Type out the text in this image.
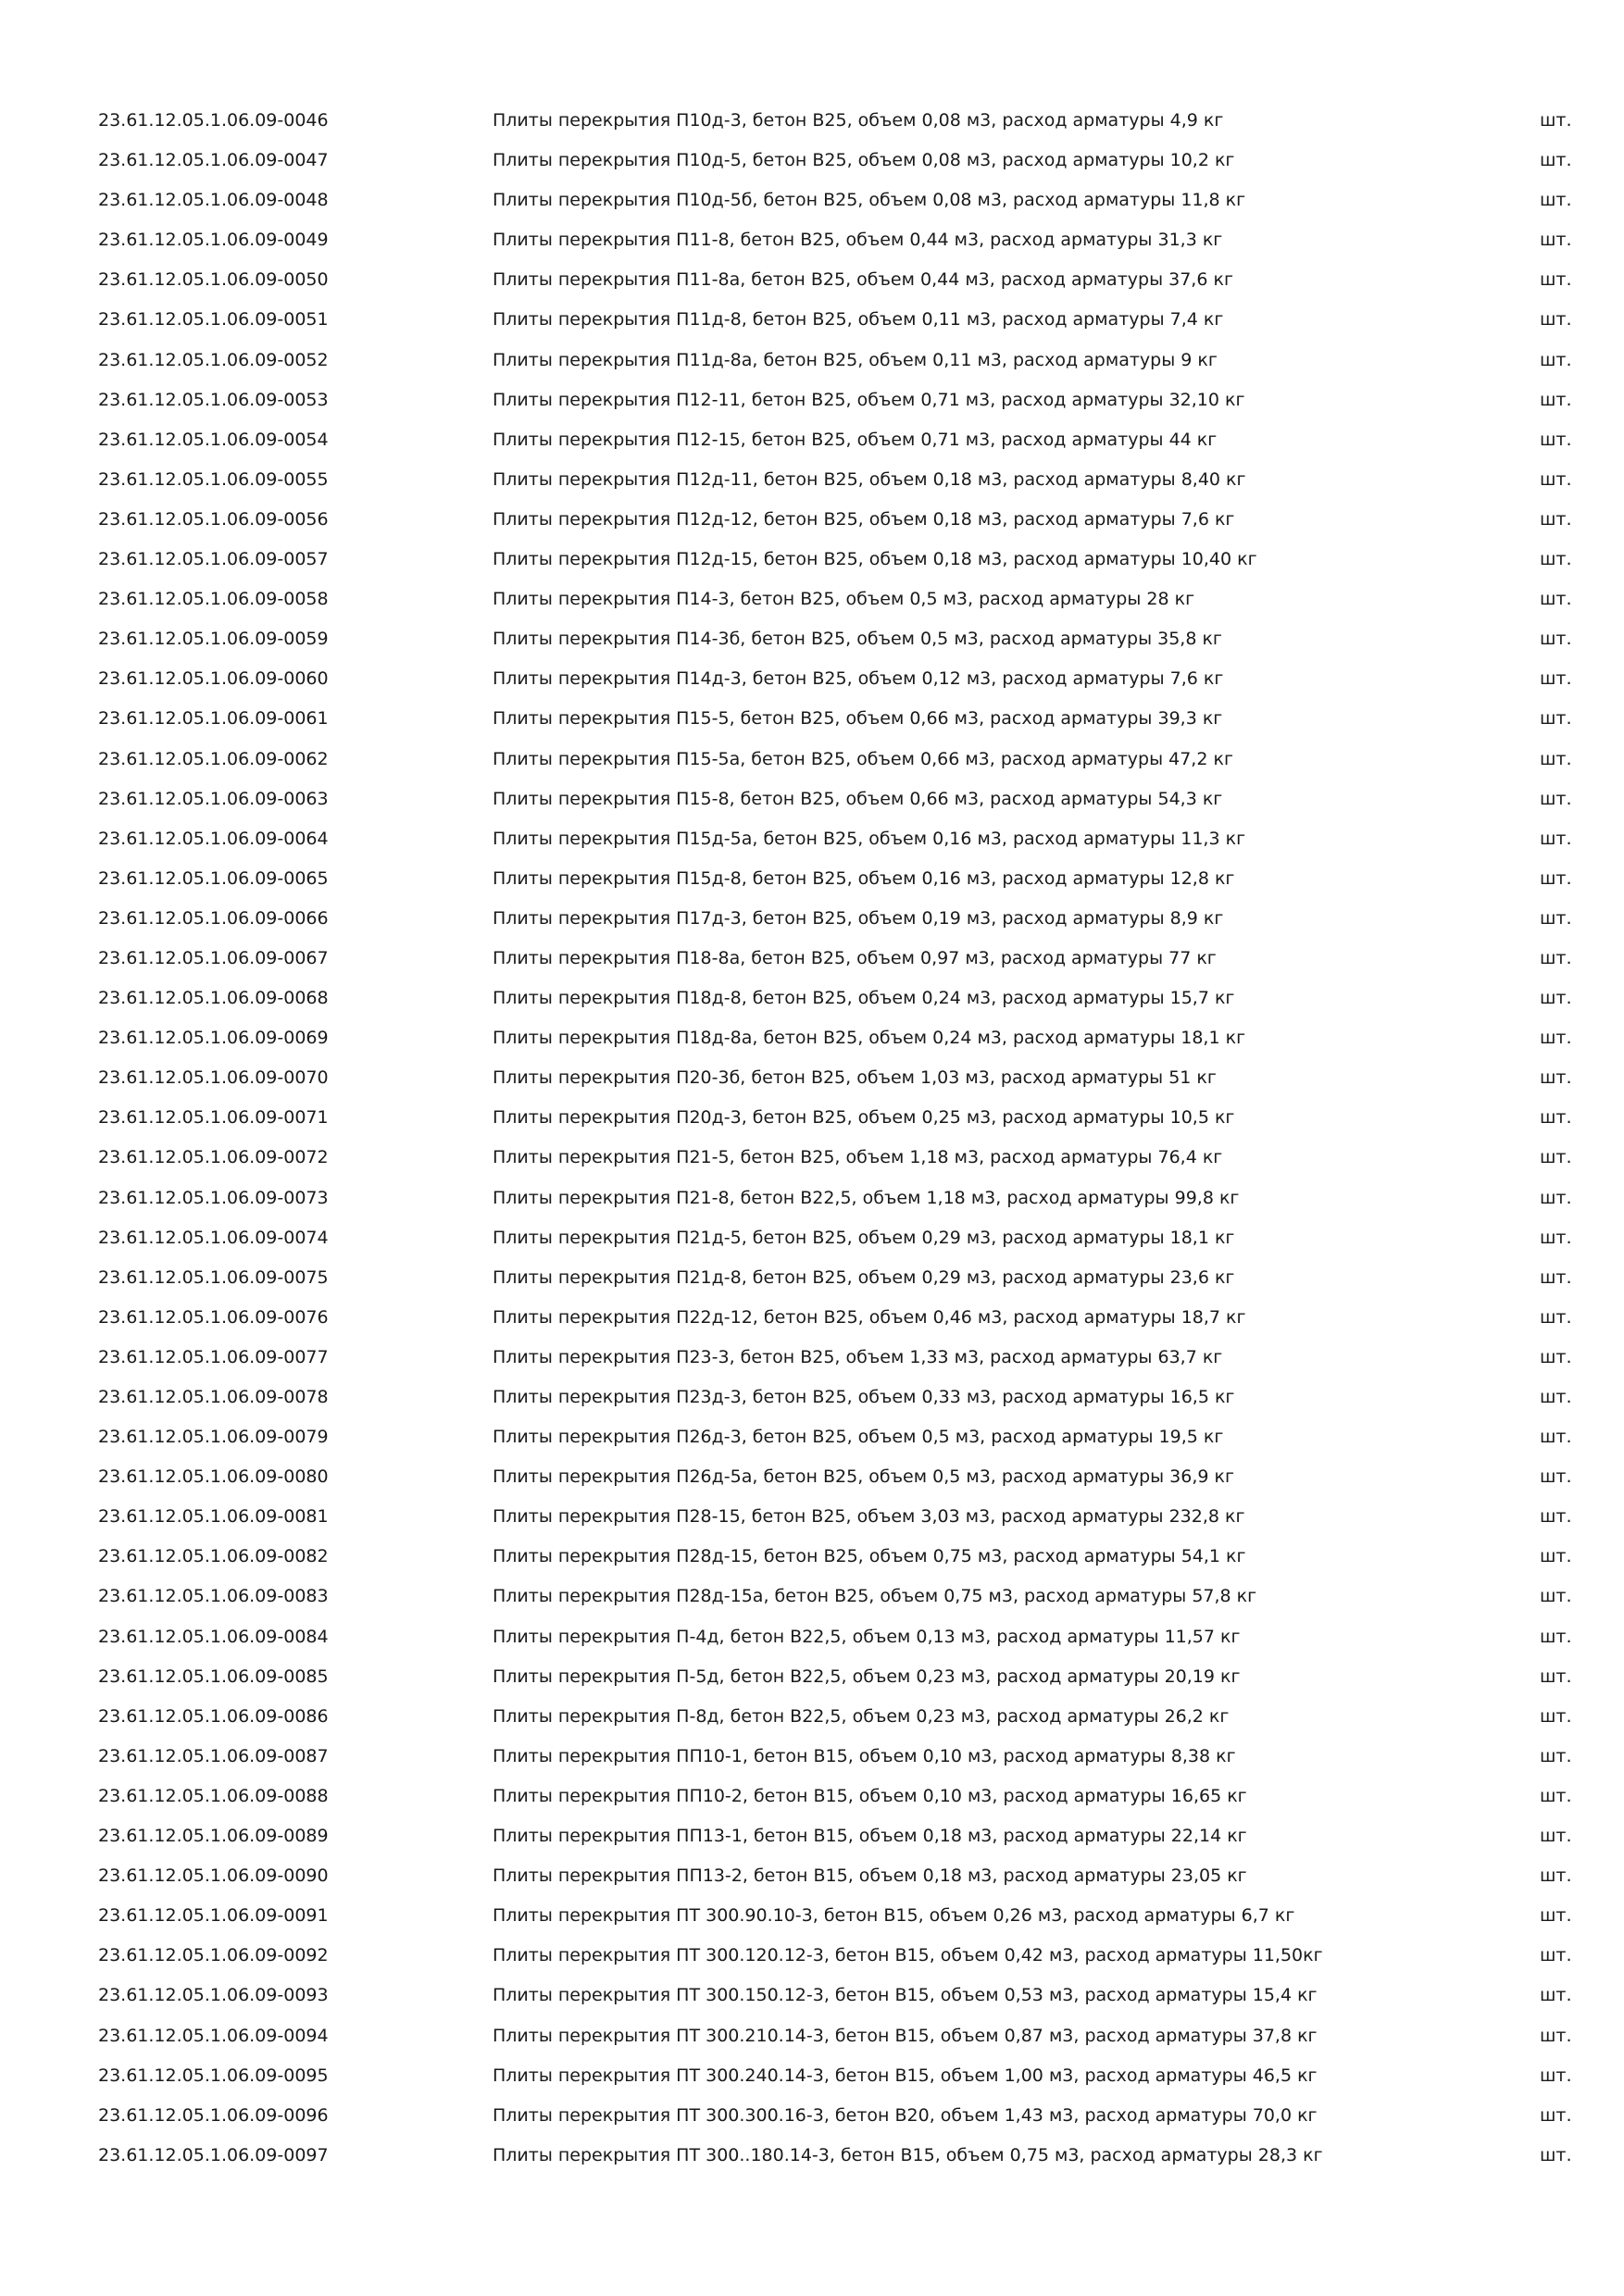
23.61.12.05.1.06.09-0046	Плиты перекрытия П10д-3, бетон В25, объем 0,08 м3, расход арматуры 4,9 кг	шт.
23.61.12.05.1.06.09-0047	Плиты перекрытия П10д-5, бетон В25, объем 0,08 м3, расход арматуры 10,2 кг	шт.
23.61.12.05.1.06.09-0048	Плиты перекрытия П10д-5б, бетон В25, объем 0,08 м3, расход арматуры 11,8 кг	шт.
23.61.12.05.1.06.09-0049	Плиты перекрытия П11-8, бетон В25, объем 0,44 м3, расход арматуры 31,3 кг	шт.
23.61.12.05.1.06.09-0050	Плиты перекрытия П11-8а, бетон В25, объем 0,44 м3, расход арматуры 37,6 кг	шт.
23.61.12.05.1.06.09-0051	Плиты перекрытия П11д-8, бетон В25, объем 0,11 м3, расход арматуры 7,4 кг	шт.
23.61.12.05.1.06.09-0052	Плиты перекрытия П11д-8а, бетон В25, объем 0,11 м3, расход арматуры 9 кг	шт.
23.61.12.05.1.06.09-0053	Плиты перекрытия П12-11, бетон В25, объем 0,71 м3, расход арматуры 32,10 кг	шт.
23.61.12.05.1.06.09-0054	Плиты перекрытия П12-15, бетон В25, объем 0,71 м3, расход арматуры 44 кг	шт.
23.61.12.05.1.06.09-0055	Плиты перекрытия П12д-11, бетон В25, объем 0,18 м3, расход арматуры 8,40 кг	шт.
23.61.12.05.1.06.09-0056	Плиты перекрытия П12д-12, бетон В25, объем 0,18 м3, расход арматуры 7,6 кг	шт.
23.61.12.05.1.06.09-0057	Плиты перекрытия П12д-15, бетон В25, объем 0,18 м3, расход арматуры 10,40 кг	шт.
23.61.12.05.1.06.09-0058	Плиты перекрытия П14-3, бетон В25, объем 0,5 м3, расход арматуры 28 кг	шт.
23.61.12.05.1.06.09-0059	Плиты перекрытия П14-3б, бетон В25, объем 0,5 м3, расход арматуры 35,8 кг	шт.
23.61.12.05.1.06.09-0060	Плиты перекрытия П14д-3, бетон В25, объем 0,12 м3, расход арматуры 7,6 кг	шт.
23.61.12.05.1.06.09-0061	Плиты перекрытия П15-5, бетон В25, объем 0,66 м3, расход арматуры 39,3 кг	шт.
23.61.12.05.1.06.09-0062	Плиты перекрытия П15-5а, бетон В25, объем 0,66 м3, расход арматуры 47,2 кг	шт.
23.61.12.05.1.06.09-0063	Плиты перекрытия П15-8, бетон В25, объем 0,66 м3, расход арматуры 54,3 кг	шт.
23.61.12.05.1.06.09-0064	Плиты перекрытия П15д-5а, бетон В25, объем 0,16 м3, расход арматуры 11,3 кг	шт.
23.61.12.05.1.06.09-0065	Плиты перекрытия П15д-8, бетон В25, объем 0,16 м3, расход арматуры 12,8 кг	шт.
23.61.12.05.1.06.09-0066	Плиты перекрытия П17д-3, бетон В25, объем 0,19 м3, расход арматуры 8,9 кг	шт.
23.61.12.05.1.06.09-0067	Плиты перекрытия П18-8а, бетон В25, объем 0,97 м3, расход арматуры 77 кг	шт.
23.61.12.05.1.06.09-0068	Плиты перекрытия П18д-8, бетон В25, объем 0,24 м3, расход арматуры 15,7 кг	шт.
23.61.12.05.1.06.09-0069	Плиты перекрытия П18д-8а, бетон В25, объем 0,24 м3, расход арматуры 18,1 кг	шт.
23.61.12.05.1.06.09-0070	Плиты перекрытия П20-3б, бетон В25, объем 1,03 м3, расход арматуры 51 кг	шт.
23.61.12.05.1.06.09-0071	Плиты перекрытия П20д-3, бетон В25, объем 0,25 м3, расход арматуры 10,5 кг	шт.
23.61.12.05.1.06.09-0072	Плиты перекрытия П21-5, бетон В25, объем 1,18 м3, расход арматуры 76,4 кг	шт.
23.61.12.05.1.06.09-0073	Плиты перекрытия П21-8, бетон В22,5, объем 1,18 м3, расход арматуры 99,8 кг	шт.
23.61.12.05.1.06.09-0074	Плиты перекрытия П21д-5, бетон В25, объем 0,29 м3, расход арматуры 18,1 кг	шт.
23.61.12.05.1.06.09-0075	Плиты перекрытия П21д-8, бетон В25, объем 0,29 м3, расход арматуры 23,6 кг	шт.
23.61.12.05.1.06.09-0076	Плиты перекрытия П22д-12, бетон В25, объем 0,46 м3, расход арматуры 18,7 кг	шт.
23.61.12.05.1.06.09-0077	Плиты перекрытия П23-3, бетон В25, объем 1,33 м3, расход арматуры 63,7 кг	шт.
23.61.12.05.1.06.09-0078	Плиты перекрытия П23д-3, бетон В25, объем 0,33 м3, расход арматуры 16,5 кг	шт.
23.61.12.05.1.06.09-0079	Плиты перекрытия П26д-3, бетон В25, объем 0,5 м3, расход арматуры 19,5 кг	шт.
23.61.12.05.1.06.09-0080	Плиты перекрытия П26д-5а, бетон В25, объем 0,5 м3, расход арматуры 36,9 кг	шт.
23.61.12.05.1.06.09-0081	Плиты перекрытия П28-15, бетон В25, объем 3,03 м3, расход арматуры 232,8 кг	шт.
23.61.12.05.1.06.09-0082	Плиты перекрытия П28д-15, бетон В25, объем 0,75 м3, расход арматуры 54,1 кг	шт.
23.61.12.05.1.06.09-0083	Плиты перекрытия П28д-15а, бетон В25, объем 0,75 м3, расход арматуры 57,8 кг	шт.
23.61.12.05.1.06.09-0084	Плиты перекрытия П-4д, бетон В22,5, объем 0,13 м3, расход арматуры 11,57 кг	шт.
23.61.12.05.1.06.09-0085	Плиты перекрытия П-5д, бетон В22,5, объем 0,23 м3, расход арматуры 20,19 кг	шт.
23.61.12.05.1.06.09-0086	Плиты перекрытия П-8д, бетон В22,5, объем 0,23 м3, расход арматуры 26,2 кг	шт.
23.61.12.05.1.06.09-0087	Плиты перекрытия ПП10-1, бетон В15, объем 0,10 м3, расход арматуры 8,38 кг	шт.
23.61.12.05.1.06.09-0088	Плиты перекрытия ПП10-2, бетон В15, объем 0,10 м3, расход арматуры 16,65 кг	шт.
23.61.12.05.1.06.09-0089	Плиты перекрытия ПП13-1, бетон В15, объем 0,18 м3, расход арматуры 22,14 кг	шт.
23.61.12.05.1.06.09-0090	Плиты перекрытия ПП13-2, бетон В15, объем 0,18 м3, расход арматуры 23,05 кг	шт.
23.61.12.05.1.06.09-0091	Плиты перекрытия ПТ 300.90.10-3, бетон В15, объем 0,26 м3, расход арматуры 6,7 кг	шт.
23.61.12.05.1.06.09-0092	Плиты перекрытия ПТ 300.120.12-3, бетон В15, объем 0,42 м3, расход арматуры 11,50кг	шт.
23.61.12.05.1.06.09-0093	Плиты перекрытия ПТ 300.150.12-3, бетон В15, объем 0,53 м3, расход арматуры 15,4 кг	шт.
23.61.12.05.1.06.09-0094	Плиты перекрытия ПТ 300.210.14-3, бетон В15, объем 0,87 м3, расход арматуры 37,8 кг	шт.
23.61.12.05.1.06.09-0095	Плиты перекрытия ПТ 300.240.14-3, бетон В15, объем 1,00 м3, расход арматуры 46,5 кг	шт.
23.61.12.05.1.06.09-0096	Плиты перекрытия ПТ 300.300.16-3, бетон В20, объем 1,43 м3, расход арматуры 70,0 кг	шт.
23.61.12.05.1.06.09-0097	Плиты перекрытия ПТ 300..180.14-3, бетон В15, объем 0,75 м3, расход арматуры 28,3 кг	шт.
